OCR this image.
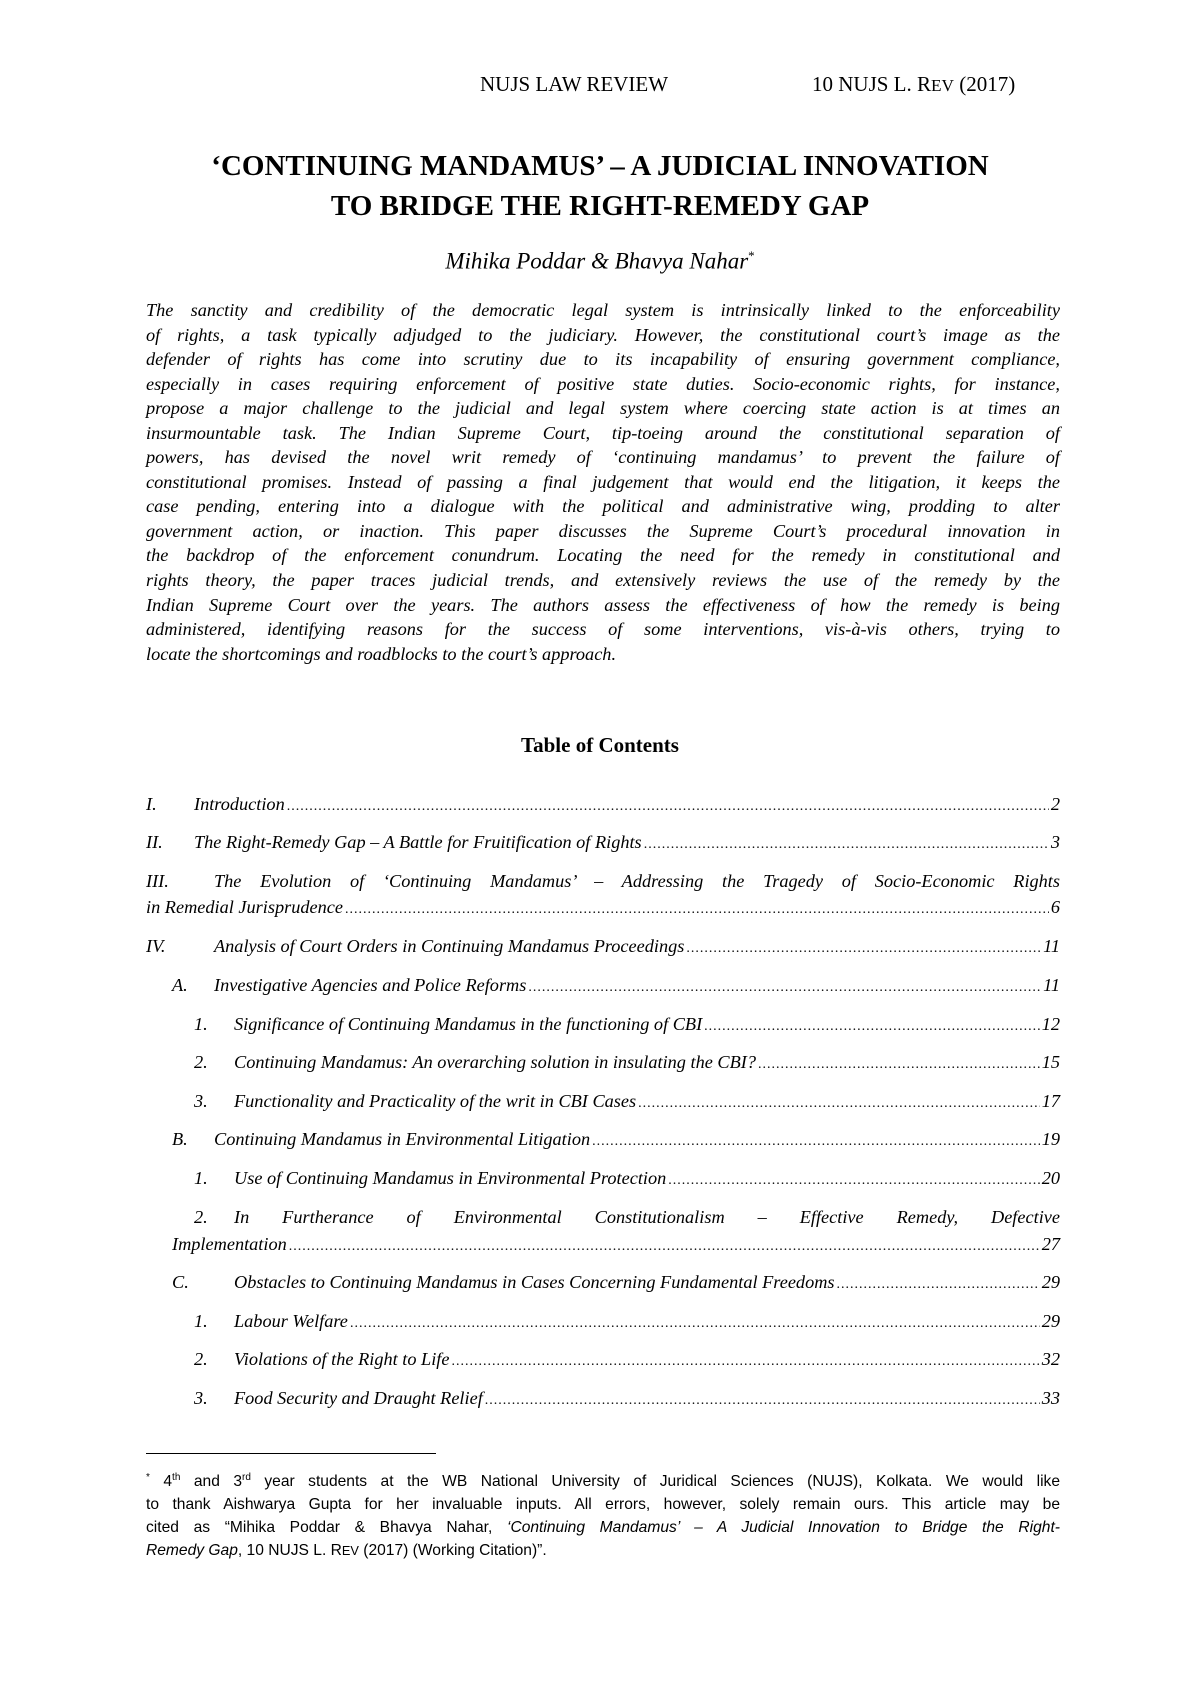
NUJS LAW REVIEW	10 NUJS L. REV (2017)
‘CONTINUING MANDAMUS’ – A JUDICIAL INNOVATION
TO BRIDGE THE RIGHT-REMEDY GAP
Mihika Poddar & Bhavya Nahar*
The sanctity and credibility of the democratic legal system is intrinsically linked to the enforceability
of rights, a task typically adjudged to the judiciary. However, the constitutional court’s image as the
defender of rights has come into scrutiny due to its incapability of ensuring government compliance,
especially in cases requiring enforcement of positive state duties. Socio-economic rights, for instance,
propose a major challenge to the judicial and legal system where coercing state action is at times an
insurmountable task. The Indian Supreme Court, tip-toeing around the constitutional separation of
powers, has devised the novel writ remedy of ‘continuing mandamus’ to prevent the failure of
constitutional promises. Instead of passing a final judgement that would end the litigation, it keeps the
case pending, entering into a dialogue with the political and administrative wing, prodding to alter
government action, or inaction. This paper discusses the Supreme Court’s procedural innovation in
the backdrop of the enforcement conundrum. Locating the need for the remedy in constitutional and
rights theory, the paper traces judicial trends, and extensively reviews the use of the remedy by the
Indian Supreme Court over the years. The authors assess the effectiveness of how the remedy is being
administered, identifying reasons for the success of some interventions, vis-à-vis others, trying to
locate the shortcomings and roadblocks to the court’s approach.
Table of Contents
I.	Introduction .....	2
II.	The Right-Remedy Gap – A Battle for Fruitification of Rights .....	3
III. The Evolution of ‘Continuing Mandamus’ – Addressing the Tragedy of Socio-Economic Rights
in Remedial Jurisprudence .....	6
IV.	Analysis of Court Orders in Continuing Mandamus Proceedings .....	11
A.	Investigative Agencies and Police Reforms .....	11
1.	Significance of Continuing Mandamus in the functioning of CBI .....	12
2.	Continuing Mandamus: An overarching solution in insulating the CBI? .....	15
3.	Functionality and Practicality of the writ in CBI Cases .....	17
B.	Continuing Mandamus in Environmental Litigation .....	19
1.	Use of Continuing Mandamus in Environmental Protection .....	20
2. In Furtherance of Environmental Constitutionalism – Effective Remedy, Defective
Implementation .....	27
C.	Obstacles to Continuing Mandamus in Cases Concerning Fundamental Freedoms .....	29
1.	Labour Welfare .....	29
2.	Violations of the Right to Life .....	32
3.	Food Security and Draught Relief .....	33
* 4th and 3rd year students at the WB National University of Juridical Sciences (NUJS), Kolkata. We would like
to thank Aishwarya Gupta for her invaluable inputs. All errors, however, solely remain ours. This article may be
cited as “Mihika Poddar & Bhavya Nahar, ‘Continuing Mandamus’ – A Judicial Innovation to Bridge the Right-
Remedy Gap, 10 NUJS L. REV (2017) (Working Citation)”.
